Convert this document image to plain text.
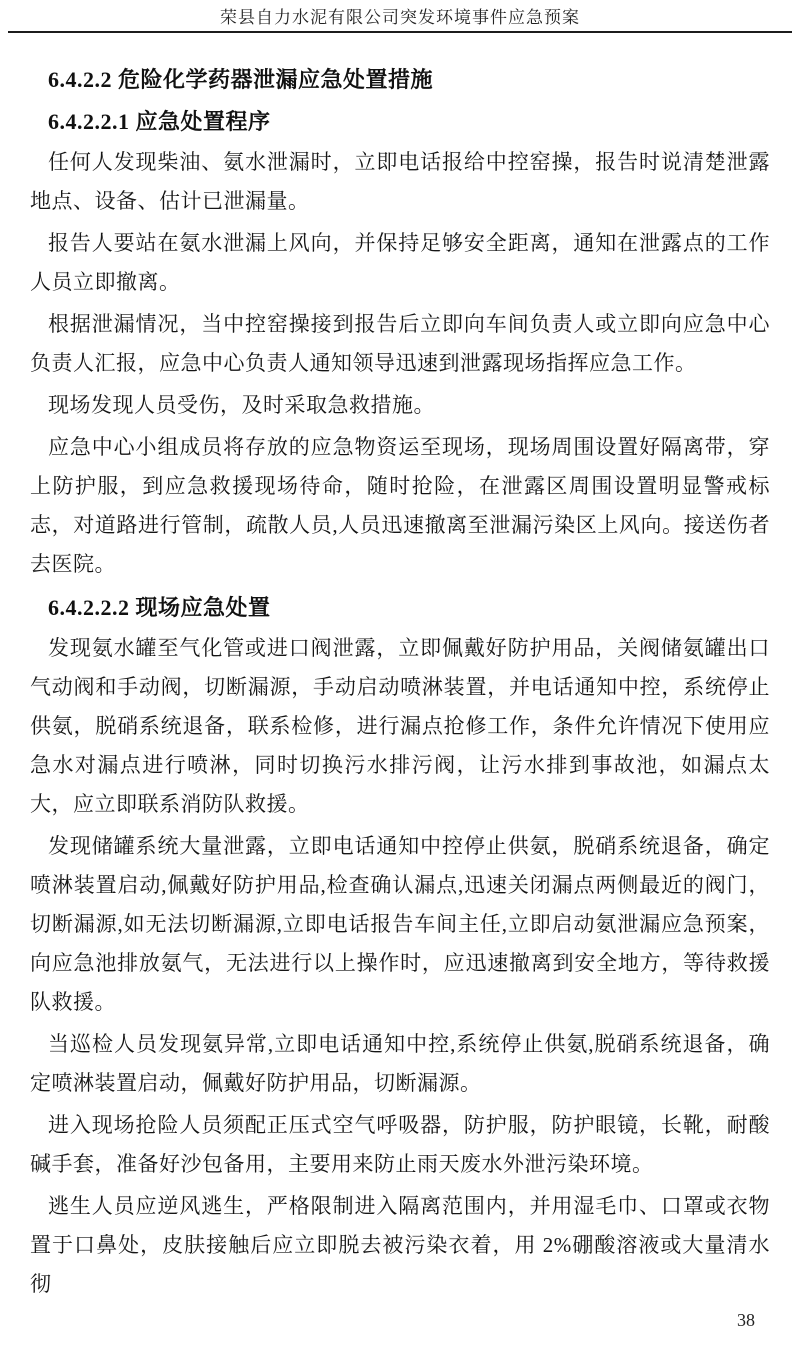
荣县自力水泥有限公司突发环境事件应急预案
6.4.2.2 危险化学药器泄漏应急处置措施
6.4.2.2.1 应急处置程序

任何人发现柴油、氨水泄漏时，立即电话报给中控窑操，报告时说清楚泄露地点、设备、估计已泄漏量。

报告人要站在氨水泄漏上风向，并保持足够安全距离，通知在泄露点的工作人员立即撤离。

根据泄漏情况，当中控窑操接到报告后立即向车间负责人或立即向应急中心负责人汇报，应急中心负责人通知领导迅速到泄露现场指挥应急工作。

现场发现人员受伤，及时采取急救措施。

应急中心小组成员将存放的应急物资运至现场，现场周围设置好隔离带，穿上防护服，到应急救援现场待命，随时抢险，在泄露区周围设置明显警戒标志，对道路进行管制，疏散人员,人员迅速撤离至泄漏污染区上风向。接送伤者去医院。

6.4.2.2.2 现场应急处置

发现氨水罐至气化管或进口阀泄露，立即佩戴好防护用品，关阀储氨罐出口气动阀和手动阀，切断漏源，手动启动喷淋装置，并电话通知中控，系统停止供氨，脱硝系统退备，联系检修，进行漏点抢修工作，条件允许情况下使用应急水对漏点进行喷淋，同时切换污水排污阀，让污水排到事故池，如漏点太大，应立即联系消防队救援。

发现储罐系统大量泄露，立即电话通知中控停止供氨，脱硝系统退备，确定喷淋装置启动,佩戴好防护用品,检查确认漏点,迅速关闭漏点两侧最近的阀门，切断漏源,如无法切断漏源,立即电话报告车间主任,立即启动氨泄漏应急预案，向应急池排放氨气，无法进行以上操作时，应迅速撤离到安全地方，等待救援队救援。

当巡检人员发现氨异常,立即电话通知中控,系统停止供氨,脱硝系统退备，确定喷淋装置启动，佩戴好防护用品，切断漏源。

进入现场抢险人员须配正压式空气呼吸器，防护服，防护眼镜，长靴，耐酸碱手套，准备好沙包备用，主要用来防止雨天废水外泄污染环境。

逃生人员应逆风逃生，严格限制进入隔离范围内，并用湿毛巾、口罩或衣物置于口鼻处，皮肤接触后应立即脱去被污染衣着，用 2%硼酸溶液或大量清水彻

38
